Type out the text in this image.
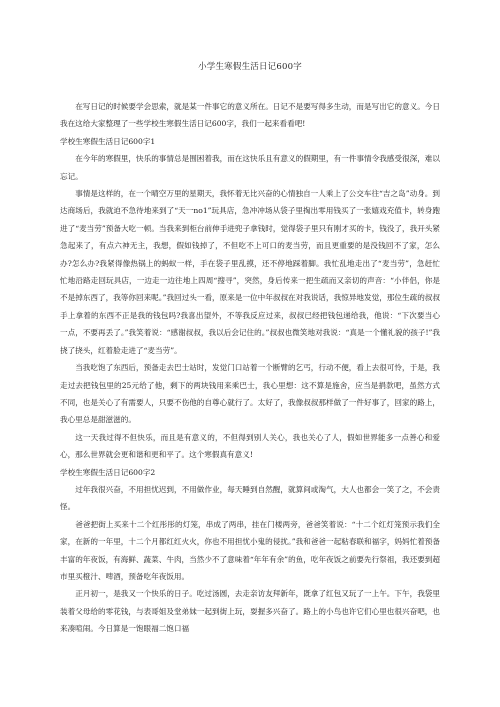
小学生寒假生活日记600字

在写日记的时候要学会思索，就是某一件事它的意义所在。日记不是要写得多生动，而是写出它的意义。今日我在这给大家整理了一些学校生寒假生活日记600字，我们一起来看看吧!

学校生寒假生活日记600字1

在今年的寒假里，快乐的事情总是围困着我，而在这快乐且有意义的假期里，有一件事情令我感受很深，难以忘记。

事情是这样的，在一个晴空万里的星期天，我怀着无比兴奋的心情独自一人乘上了公交车往“吉之岛”动身。到达商场后，我就迫不急待地来到了“天一no1”玩具店，急冲冲场从袋子里掏出零用钱买了一张嬉戏充值卡，转身跑进了“麦当劳”预备大吃一顿。当我来到柜台前伸手进兜子拿钱时，觉得袋子里只有刚才买的卡，钱没了，我开头紧急起来了，有点六神无主，我想，假如钱掉了，不但吃不上可口的麦当劳，而且更重要的是没钱回不了家，怎么办?怎么办?我紧得像热锅上的蚂蚁一样，手在袋子里乱摸，还不停地踩着脚。我忙乱地走出了“麦当劳”，急赶忙忙地沿路走回玩具店，一边走一边往地上四周“搜寻”，突然，身后传来一把生疏而又亲切的声音：“小伴侣，你是不是掉东西了，我等你回来呢。”我回过头一看，原来是一位中年叔叔在对我说话，我惊异地发觉，那位生疏的叔叔手上拿着的东西不正是我的钱包吗?我喜出望外，不等我反应过来，叔叔已经把钱包递给我，他说：“下次要当心一点，不要再丢了。”我笑着说：“感谢叔叔，我以后会记住的。”叔叔也微笑地对我说：“真是一个懂礼貌的孩子!”我挠了挠头，红着脸走进了“麦当劳”。

当我吃饱了东西后，预备走去巴士站时，发觉门口站着一个断臂的乞丐，行动不便，看上去很可怜，于是，我走过去把钱包里的25元给了他，剩下的两块钱用来乘巴士，我心里想：这不算是施舍，应当是捐款吧，虽然方式不同，也是关心了有需要人，只要不伤他的自尊心就行了。太好了，我像叔叔那样做了一件好事了，回家的路上，我心里总是甜滋滋的。

这一天我过得不但快乐，而且是有意义的，不但得到别人关心，我也关心了人，假如世界能多一点善心和爱心，那么世界就会更和谐和更和平了。这个寒假真有意义!

学校生寒假生活日记600字2

过年我很兴奋，不用担忧迟到，不用做作业，每天睡到自然醒，就算间或淘气，大人也都会一笑了之，不会责怪。

爸爸把街上买来十二个红彤彤的灯笼，串成了两串，挂在门楼两旁，爸爸笑着说：“十二个红灯笼预示我们全家，在新的一年里，十二个月都红红火火，你也不用担忧小鬼的侵扰。”我和爸爸一起粘春联和福字，妈妈忙着预备丰富的年夜饭，有海鲜、蔬菜、牛肉，当然少不了意味着“年年有余”的鱼，吃年夜饭之前要先行祭祖，我还要到超市里买橙汁、啤酒，预备吃年夜饭用。

正月初一，是我又一个快乐的日子。吃过汤圆，去走亲访友拜新年，既拿了红包又玩了一上午。下午，我袋里装着父母给的零花钱，与表哥姐及堂弟妹一起到街上玩，耍握多兴奋了。路上的小鸟也许它们心里也很兴奋吧，也来凑喧闹。今日算是一饱眼福二饱口福
